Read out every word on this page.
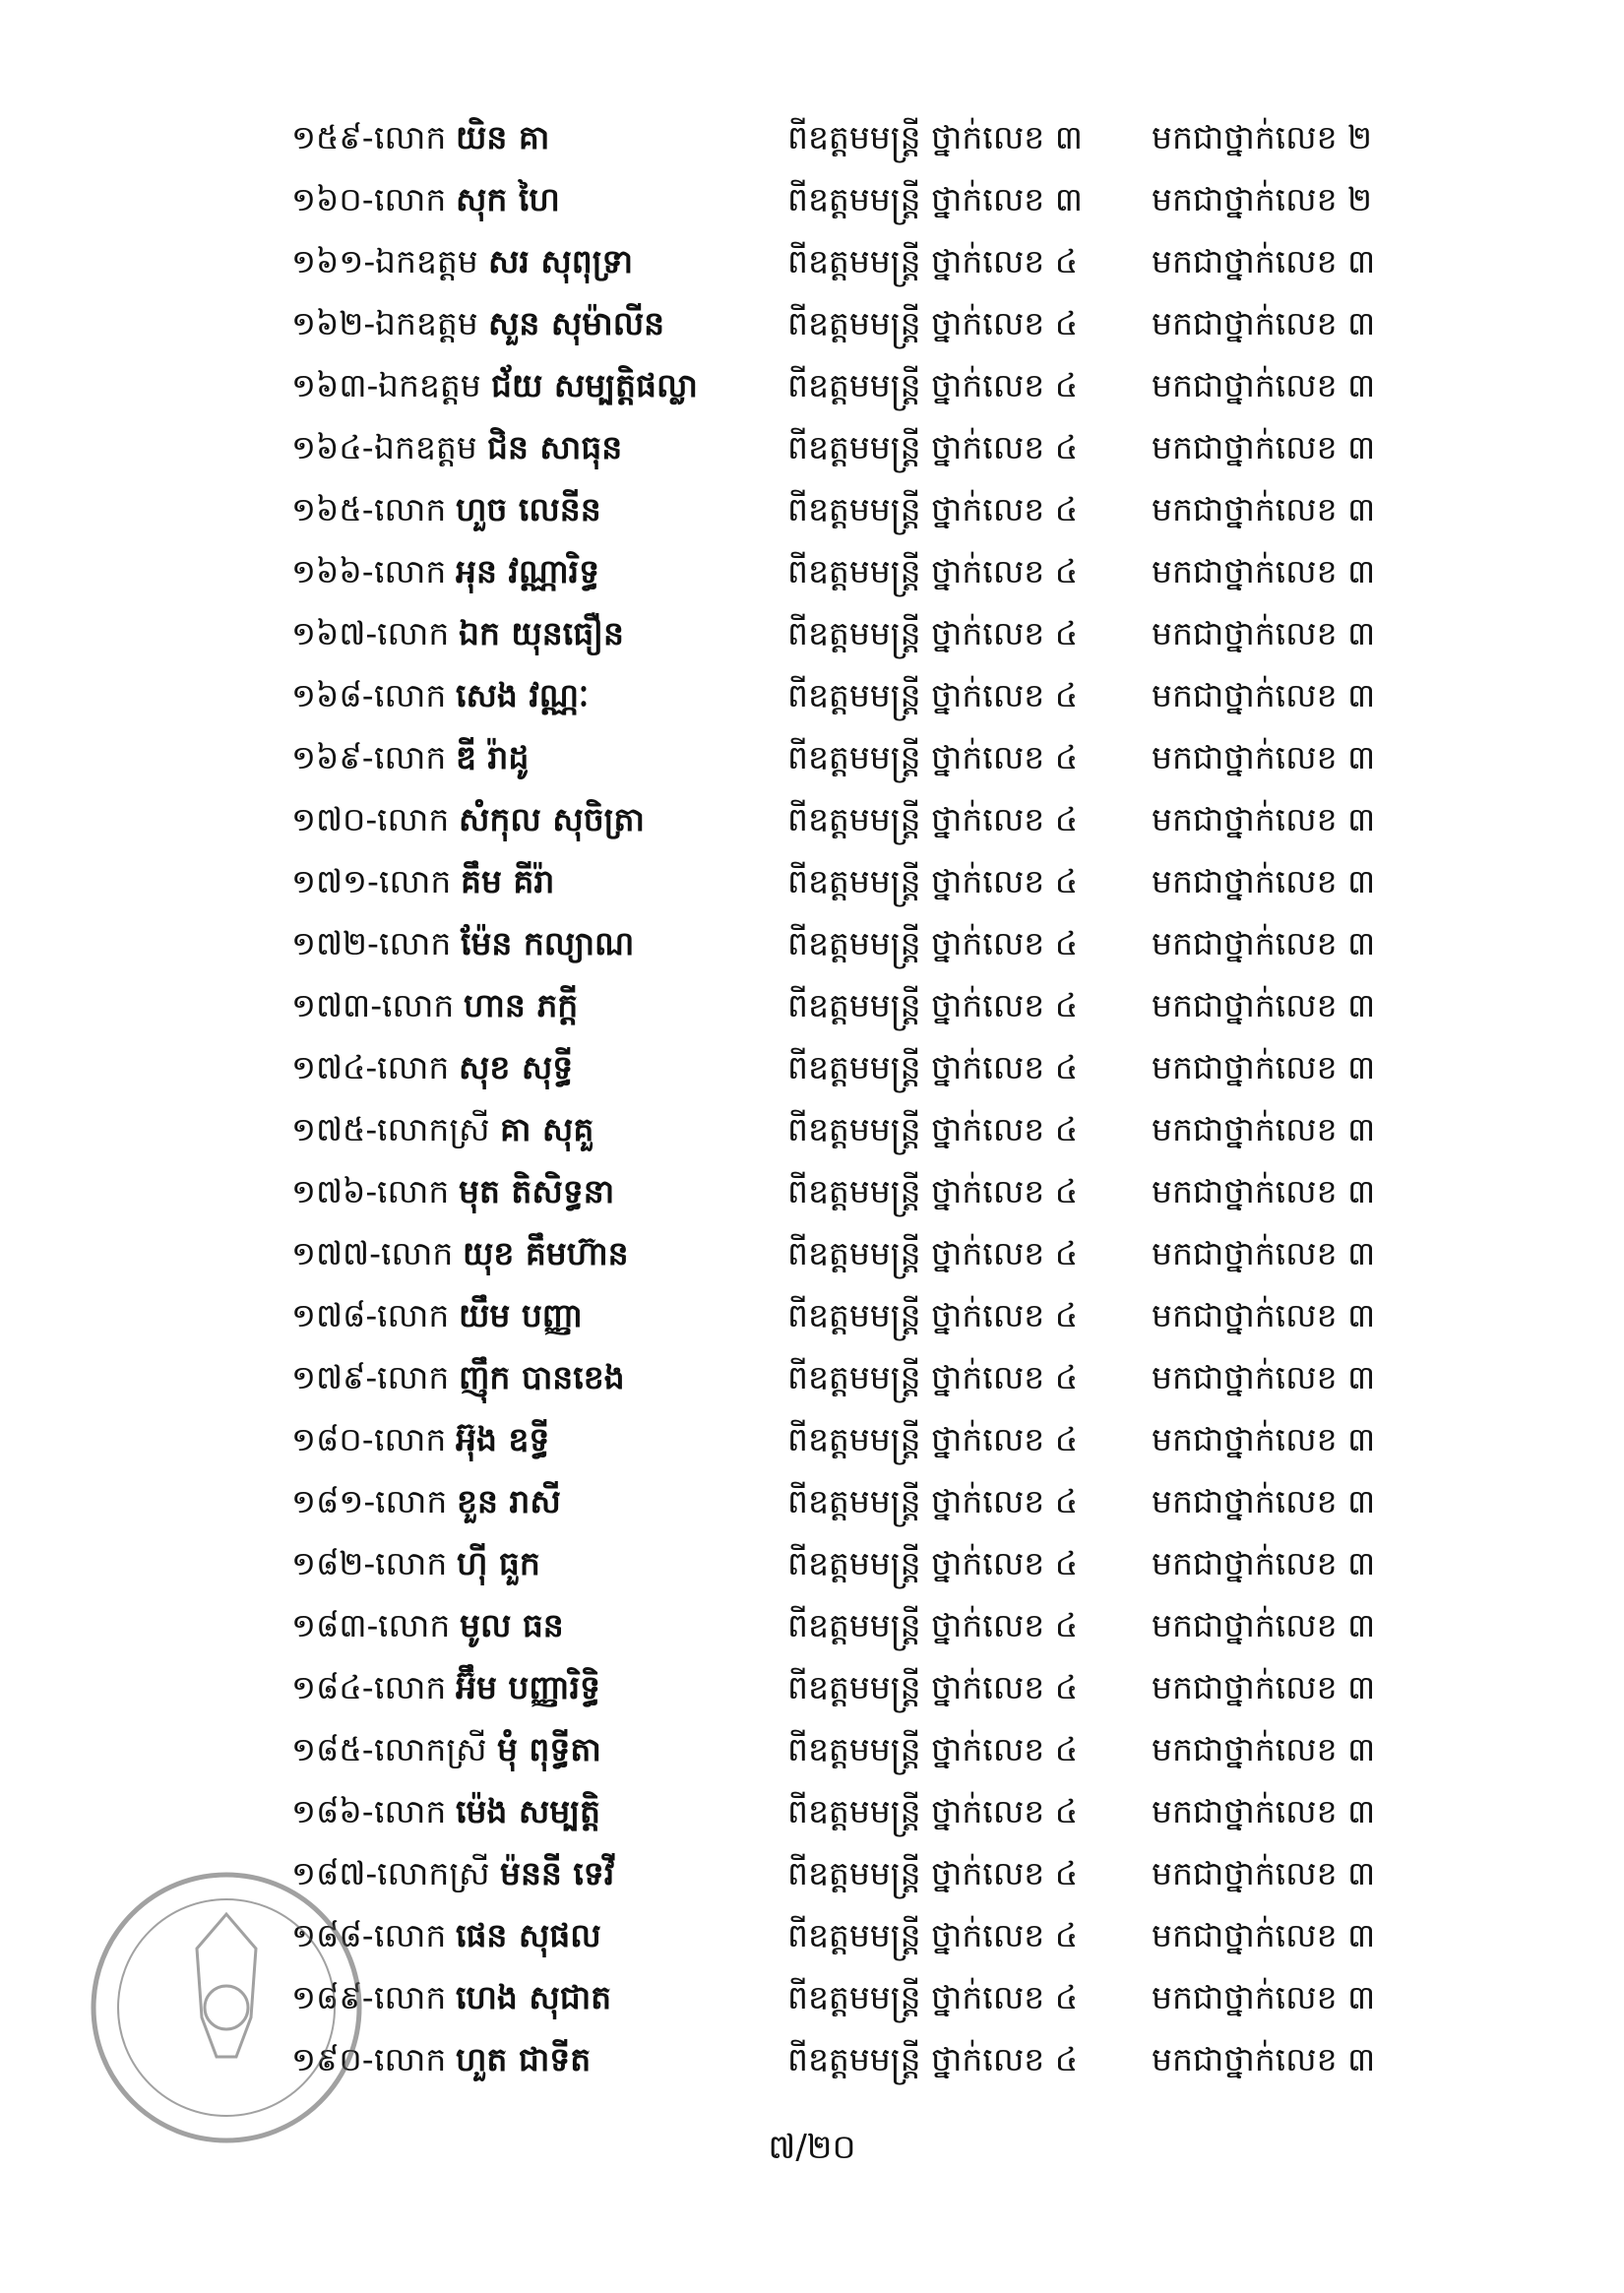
១៥៩- លោក យិន គា	ពីឧត្តមមន្ត្រី ថ្នាក់លេខ ៣ មកជាថ្នាក់លេខ ២
១៦០- លោក សុក ហៃ	ពីឧត្តមមន្ត្រី ថ្នាក់លេខ ៣ មកជាថ្នាក់លេខ ២
១៦១- ឯកឧត្តម សរ សុពុទ្រា	ពីឧត្តមមន្ត្រី ថ្នាក់លេខ ៤ មកជាថ្នាក់លេខ ៣
១៦២- ឯកឧត្តម សួន សុម៉ាលីន	ពីឧត្តមមន្ត្រី ថ្នាក់លេខ ៤ មកជាថ្នាក់លេខ ៣
១៦៣- ឯកឧត្តម ជ័យ សម្បត្តិផល្លា	ពីឧត្តមមន្ត្រី ថ្នាក់លេខ ៤ មកជាថ្នាក់លេខ ៣
១៦៤- ឯកឧត្តម ជិន សាធុន	ពីឧត្តមមន្ត្រី ថ្នាក់លេខ ៤ មកជាថ្នាក់លេខ ៣
១៦៥- លោក ហួច លេនីន	ពីឧត្តមមន្ត្រី ថ្នាក់លេខ ៤ មកជាថ្នាក់លេខ ៣
១៦៦- លោក អុន វណ្ណារិទ្ធ	ពីឧត្តមមន្ត្រី ថ្នាក់លេខ ៤ មកជាថ្នាក់លេខ ៣
១៦៧- លោក ឯក យុនធឿន	ពីឧត្តមមន្ត្រី ថ្នាក់លេខ ៤ មកជាថ្នាក់លេខ ៣
១៦៨- លោក សេង វណ្ណៈ	ពីឧត្តមមន្ត្រី ថ្នាក់លេខ ៤ មកជាថ្នាក់លេខ ៣
១៦៩- លោក ឌី រ៉ាដូ	ពីឧត្តមមន្ត្រី ថ្នាក់លេខ ៤ មកជាថ្នាក់លេខ ៣
១៧០- លោក សំកុល សុចិត្រា	ពីឧត្តមមន្ត្រី ថ្នាក់លេខ ៤ មកជាថ្នាក់លេខ ៣
១៧១- លោក គឹម គីរ៉ា	ពីឧត្តមមន្ត្រី ថ្នាក់លេខ ៤ មកជាថ្នាក់លេខ ៣
១៧២- លោក ម៉ែន កល្យាណ	ពីឧត្តមមន្ត្រី ថ្នាក់លេខ ៤ មកជាថ្នាក់លេខ ៣
១៧៣- លោក ហាន ភក្តី	ពីឧត្តមមន្ត្រី ថ្នាក់លេខ ៤ មកជាថ្នាក់លេខ ៣
១៧៤- លោក សុខ សុទ្ធី	ពីឧត្តមមន្ត្រី ថ្នាក់លេខ ៤ មកជាថ្នាក់លេខ ៣
១៧៥- លោកស្រី គា សុគួ	ពីឧត្តមមន្ត្រី ថ្នាក់លេខ ៤ មកជាថ្នាក់លេខ ៣
១៧៦- លោក មុត តិសិទ្ធនា	ពីឧត្តមមន្ត្រី ថ្នាក់លេខ ៤ មកជាថ្នាក់លេខ ៣
១៧៧- លោក យុខ គឹមហ៊ាន	ពីឧត្តមមន្ត្រី ថ្នាក់លេខ ៤ មកជាថ្នាក់លេខ ៣
១៧៨- លោក យឹម បញ្ញា	ពីឧត្តមមន្ត្រី ថ្នាក់លេខ ៤ មកជាថ្នាក់លេខ ៣
១៧៩- លោក ញ៉ឹក បានខេង	ពីឧត្តមមន្ត្រី ថ្នាក់លេខ ៤ មកជាថ្នាក់លេខ ៣
១៨០- លោក អ៊ុង ឧទ្ធី	ពីឧត្តមមន្ត្រី ថ្នាក់លេខ ៤ មកជាថ្នាក់លេខ ៣
១៨១- លោក ខួន រាសី	ពីឧត្តមមន្ត្រី ថ្នាក់លេខ ៤ មកជាថ្នាក់លេខ ៣
១៨២- លោក ហ៊ី ធួក	ពីឧត្តមមន្ត្រី ថ្នាក់លេខ ៤ មកជាថ្នាក់លេខ ៣
១៨៣- លោក មូល ធន	ពីឧត្តមមន្ត្រី ថ្នាក់លេខ ៤ មកជាថ្នាក់លេខ ៣
១៨៤- លោក អ៊ឹម បញ្ញារិទ្ធិ	ពីឧត្តមមន្ត្រី ថ្នាក់លេខ ៤ មកជាថ្នាក់លេខ ៣
១៨៥- លោកស្រី មុំ ពុទ្ធីតា	ពីឧត្តមមន្ត្រី ថ្នាក់លេខ ៤ មកជាថ្នាក់លេខ ៣
១៨៦- លោក ម៉េង សម្បត្តិ	ពីឧត្តមមន្ត្រី ថ្នាក់លេខ ៤ មកជាថ្នាក់លេខ ៣
១៨៧- លោកស្រី ម៉ននី ទេវី	ពីឧត្តមមន្ត្រី ថ្នាក់លេខ ៤ មកជាថ្នាក់លេខ ៣
១៨៨- លោក ផេន សុផល	ពីឧត្តមមន្ត្រី ថ្នាក់លេខ ៤ មកជាថ្នាក់លេខ ៣
១៨៩- លោក ហេង សុជាត	ពីឧត្តមមន្ត្រី ថ្នាក់លេខ ៤ មកជាថ្នាក់លេខ ៣
១៩០- លោក ហួត ជាទីត	ពីឧត្តមមន្ត្រី ថ្នាក់លេខ ៤ មកជាថ្នាក់លេខ ៣
៧/២០
